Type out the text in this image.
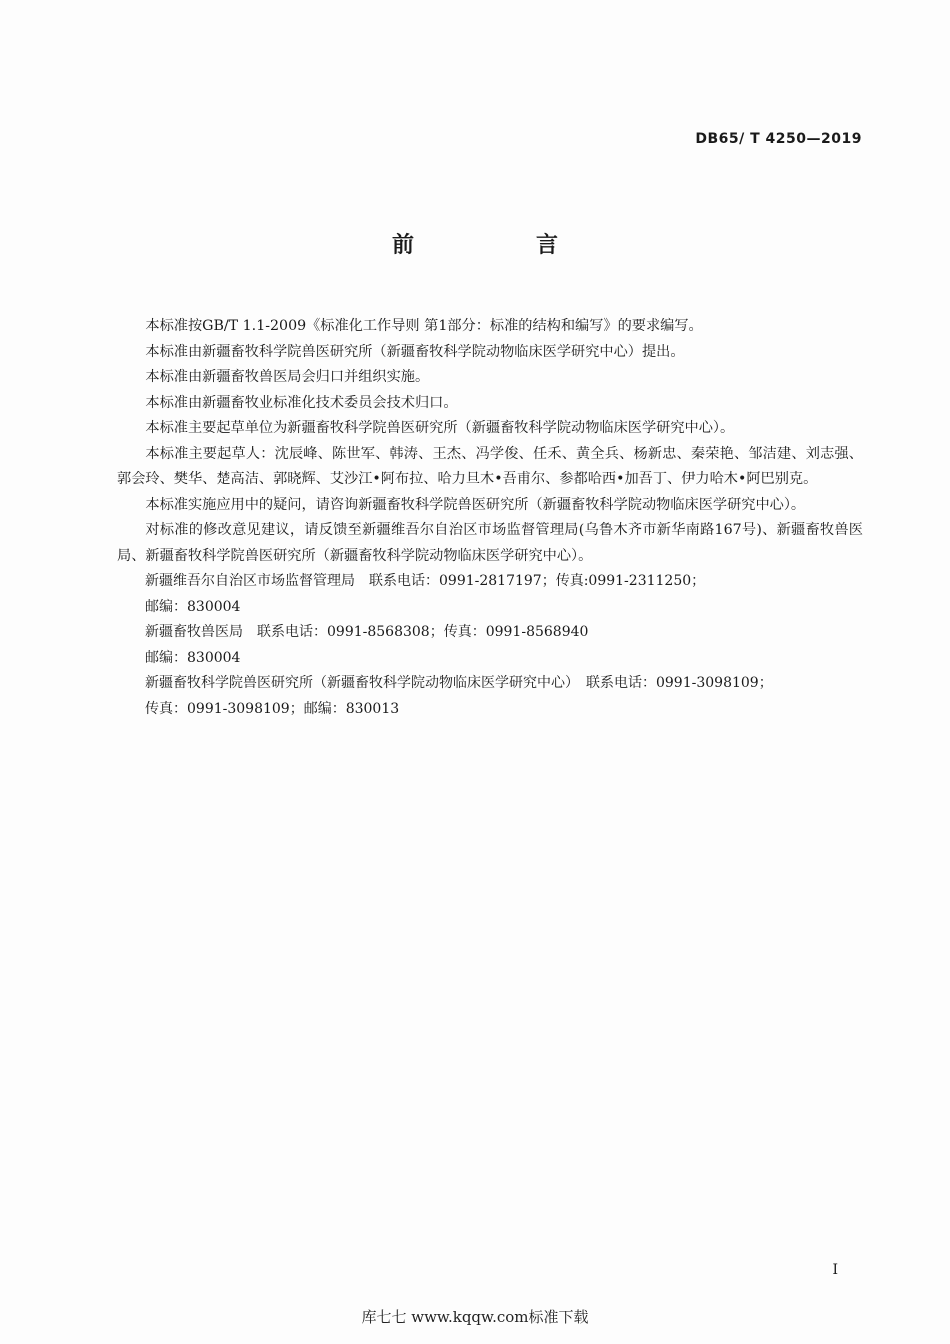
DB65/ T 4250—2019
前　言

本标准按GB/T 1.1-2009《标准化工作导则 第1部分：标准的结构和编写》的要求编写。

本标准由新疆畜牧科学院兽医研究所（新疆畜牧科学院动物临床医学研究中心）提出。

本标准由新疆畜牧兽医局会归口并组织实施。

本标准由新疆畜牧业标准化技术委员会技术归口。

本标准主要起草单位为新疆畜牧科学院兽医研究所（新疆畜牧科学院动物临床医学研究中心）。

本标准主要起草人：沈辰峰、陈世军、韩涛、王杰、冯学俊、任禾、黄全兵、杨新忠、秦荣艳、邹洁建、刘志强、郭会玲、樊华、楚高洁、郭晓辉、艾沙江•阿布拉、哈力旦木•吾甫尔、参都哈西•加吾丁、伊力哈木•阿巴别克。

本标准实施应用中的疑问，请咨询新疆畜牧科学院兽医研究所（新疆畜牧科学院动物临床医学研究中心）。

对标准的修改意见建议，请反馈至新疆维吾尔自治区市场监督管理局(乌鲁木齐市新华南路167号)、新疆畜牧兽医局、新疆畜牧科学院兽医研究所（新疆畜牧科学院动物临床医学研究中心）。

新疆维吾尔自治区市场监督管理局　联系电话：0991-2817197；传真:0991-2311250；
邮编：830004
新疆畜牧兽医局　联系电话：0991-8568308；传真：0991-8568940
邮编：830004
新疆畜牧科学院兽医研究所（新疆畜牧科学院动物临床医学研究中心）　联系电话：0991-3098109；
传真：0991-3098109；邮编：830013
I
库七七 www.kqqw.com标准下载
